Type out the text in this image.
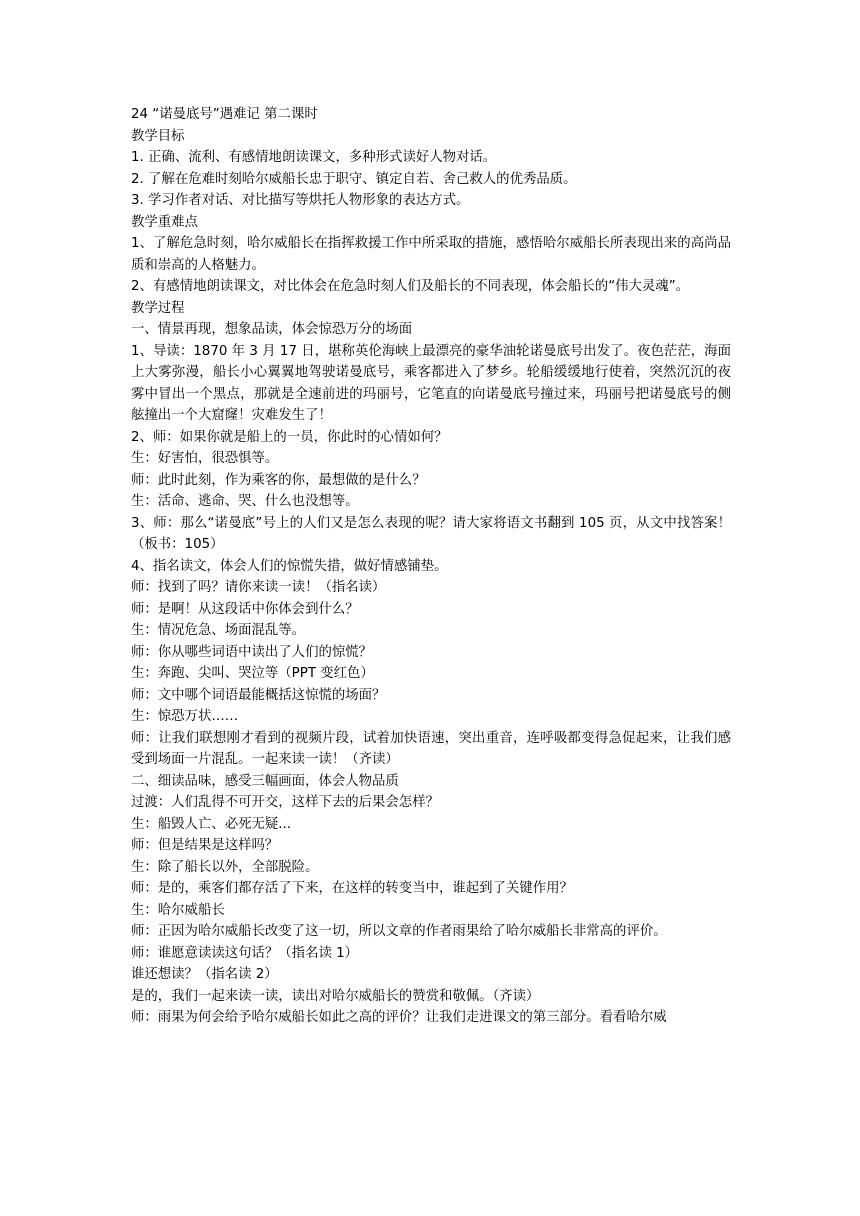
24 “诺曼底号”遇难记 第二课时

教学目标

1. 正确、流利、有感情地朗读课文，多种形式读好人物对话。

2. 了解在危难时刻哈尔威船长忠于职守、镇定自若、舍己救人的优秀品质。

3. 学习作者对话、对比描写等烘托人物形象的表达方式。

教学重难点

1、了解危急时刻，哈尔威船长在指挥救援工作中所采取的措施，感悟哈尔威船长所表现出来的高尚品质和崇高的人格魅力。

2、有感情地朗读课文，对比体会在危急时刻人们及船长的不同表现，体会船长的“伟大灵魂”。

教学过程

一、情景再现，想象品读，体会惊恐万分的场面

1、导读：1870 年 3 月 17 日，堪称英伦海峡上最漂亮的豪华油轮诺曼底号出发了。夜色茫茫，海面上大雾弥漫，船长小心翼翼地驾驶诺曼底号，乘客都进入了梦乡。轮船缓缓地行使着，突然沉沉的夜雾中冒出一个黑点，那就是全速前进的玛丽号，它笔直的向诺曼底号撞过来，玛丽号把诺曼底号的侧舷撞出一个大窟窿！灾难发生了！

2、师：如果你就是船上的一员，你此时的心情如何？

生：好害怕，很恐惧等。

师：此时此刻，作为乘客的你，最想做的是什么？

生：活命、逃命、哭、什么也没想等。

3、师：那么“诺曼底”号上的人们又是怎么表现的呢？请大家将语文书翻到 105 页，从文中找答案！（板书：105）

4、指名读文，体会人们的惊慌失措，做好情感铺垫。

师：找到了吗？请你来读一读！（指名读）

师：是啊！从这段话中你体会到什么？

生：情况危急、场面混乱等。

师：你从哪些词语中读出了人们的惊慌？

生：奔跑、尖叫、哭泣等（PPT 变红色）

师：文中哪个词语最能概括这惊慌的场面？

生：惊恐万状……

师：让我们联想刚才看到的视频片段，试着加快语速，突出重音，连呼吸都变得急促起来，让我们感受到场面一片混乱。一起来读一读！（齐读）

二、细读品味，感受三幅画面，体会人物品质

过渡：人们乱得不可开交，这样下去的后果会怎样？

生：船毁人亡、必死无疑...

师：但是结果是这样吗？

生：除了船长以外，全部脱险。

师：是的，乘客们都存活了下来，在这样的转变当中，谁起到了关键作用？

生：哈尔威船长

师：正因为哈尔威船长改变了这一切，所以文章的作者雨果给了哈尔威船长非常高的评价。

师：谁愿意读读这句话？（指名读 1）

谁还想读？（指名读 2）

是的，我们一起来读一读，读出对哈尔威船长的赞赏和敬佩。（齐读）

师：雨果为何会给予哈尔威船长如此之高的评价？让我们走进课文的第三部分。看看哈尔威
